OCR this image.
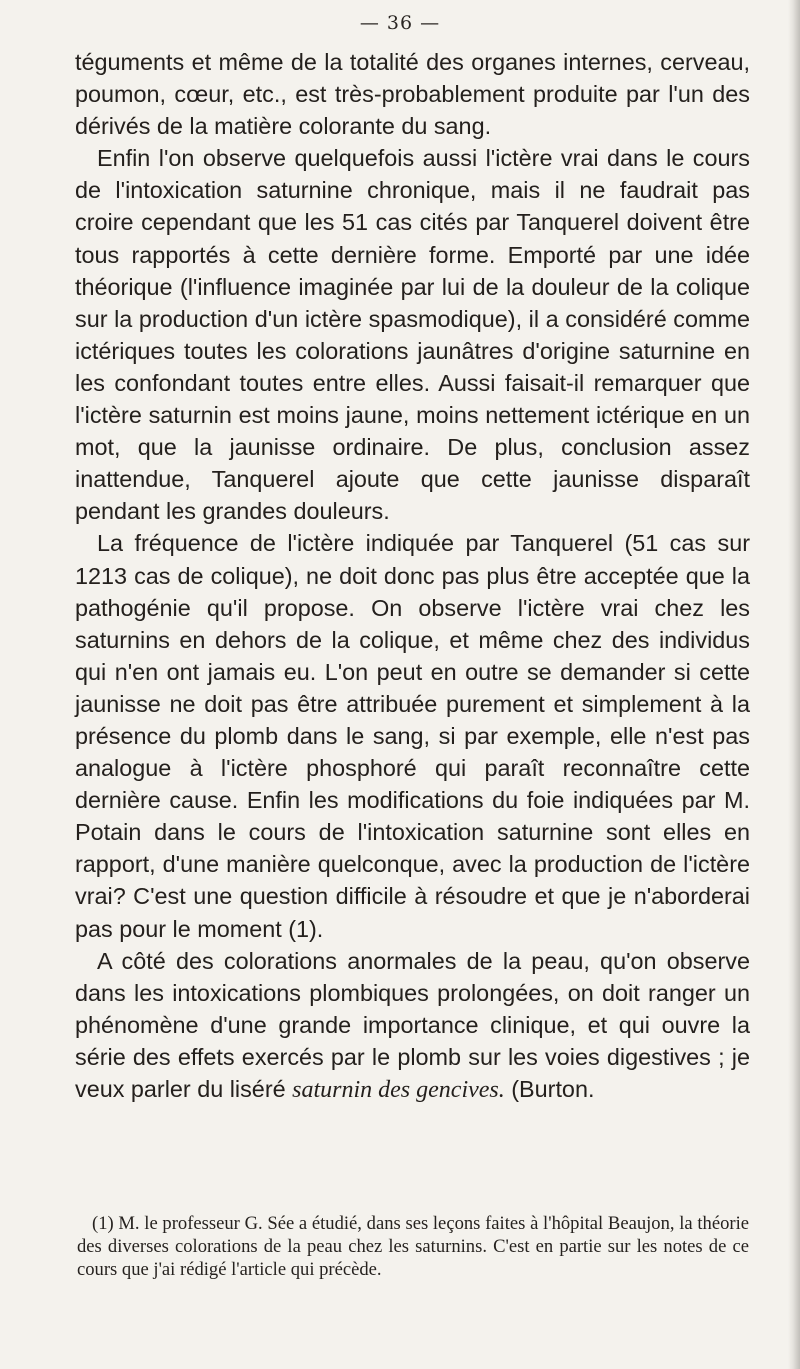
— 36 —

téguments et même de la totalité des organes internes, cerveau, poumon, cœur, etc., est très-probablement produite par l'un des dérivés de la matière colorante du sang.

Enfin l'on observe quelquefois aussi l'ictère vrai dans le cours de l'intoxication saturnine chronique, mais il ne faudrait pas croire cependant que les 51 cas cités par Tanquerel doivent être tous rapportés à cette dernière forme. Emporté par une idée théorique (l'influence imaginée par lui de la douleur de la colique sur la production d'un ictère spasmodique), il a considéré comme ictériques toutes les colorations jaunâtres d'origine saturnine en les confondant toutes entre elles. Aussi faisait-il remarquer que l'ictère saturnin est moins jaune, moins nettement ictérique en un mot, que la jaunisse ordinaire. De plus, conclusion assez inattendue, Tanquerel ajoute que cette jaunisse disparaît pendant les grandes douleurs.

La fréquence de l'ictère indiquée par Tanquerel (51 cas sur 1213 cas de colique), ne doit donc pas plus être acceptée que la pathogénie qu'il propose. On observe l'ictère vrai chez les saturnins en dehors de la colique, et même chez des individus qui n'en ont jamais eu. L'on peut en outre se demander si cette jaunisse ne doit pas être attribuée purement et simplement à la présence du plomb dans le sang, si par exemple, elle n'est pas analogue à l'ictère phosphoré qui paraît reconnaître cette dernière cause. Enfin les modifications du foie indiquées par M. Potain dans le cours de l'intoxication saturnine sont elles en rapport, d'une manière quelconque, avec la production de l'ictère vrai? C'est une question difficile à résoudre et que je n'aborderai pas pour le moment (1).

A côté des colorations anormales de la peau, qu'on observe dans les intoxications plombiques prolongées, on doit ranger un phénomène d'une grande importance clinique, et qui ouvre la série des effets exercés par le plomb sur les voies digestives ; je veux parler du liséré saturnin des gencives. (Burton.

(1) M. le professeur G. Sée a étudié, dans ses leçons faites à l'hôpital Beaujon, la théorie des diverses colorations de la peau chez les saturnins. C'est en partie sur les notes de ce cours que j'ai rédigé l'article qui précède.
